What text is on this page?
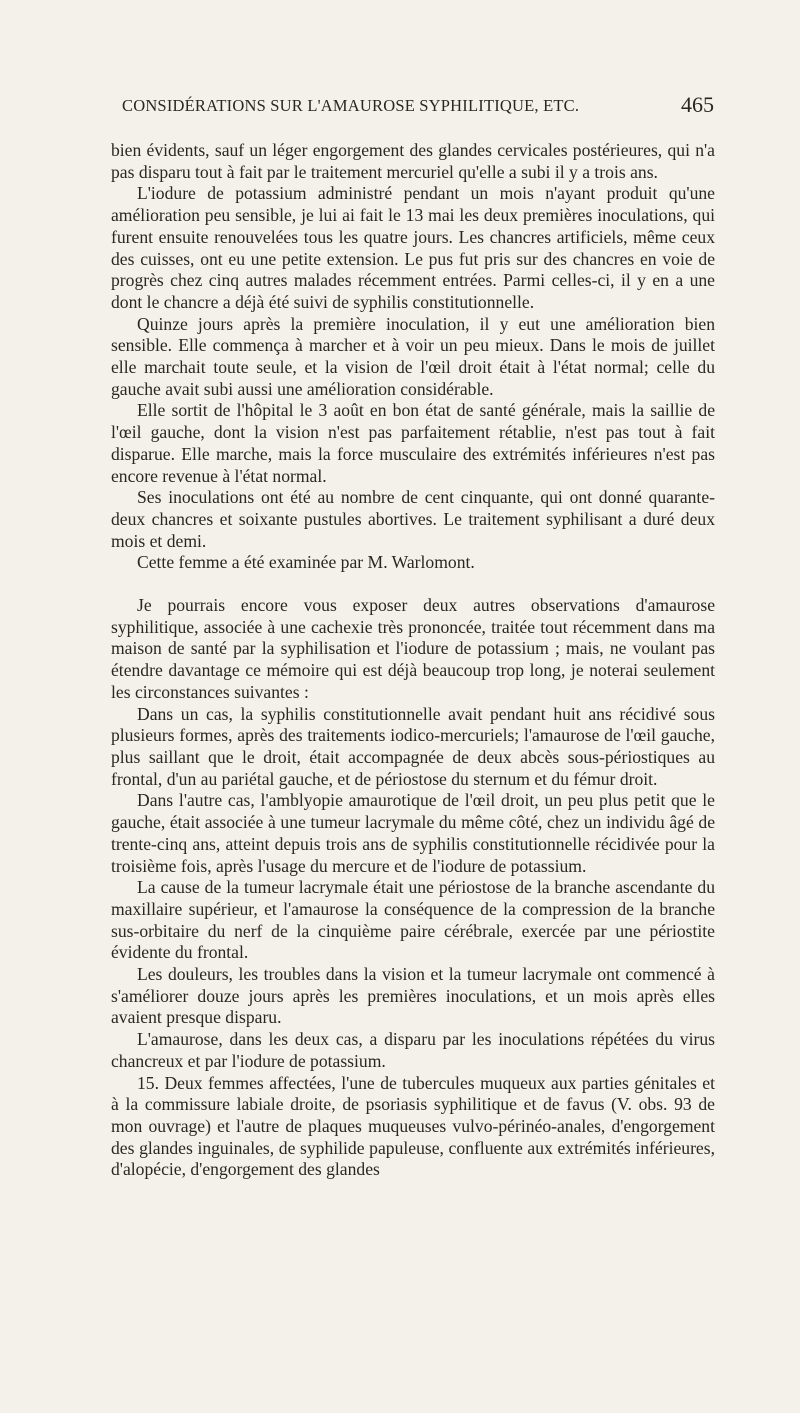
CONSIDÉRATIONS SUR L'AMAUROSE SYPHILITIQUE, ETC.	465

bien évidents, sauf un léger engorgement des glandes cervicales postérieures, qui n'a pas disparu tout à fait par le traitement mercuriel qu'elle a subi il y a trois ans.

L'iodure de potassium administré pendant un mois n'ayant produit qu'une amélioration peu sensible, je lui ai fait le 13 mai les deux premières inoculations, qui furent ensuite renouvelées tous les quatre jours. Les chancres artificiels, même ceux des cuisses, ont eu une petite extension. Le pus fut pris sur des chancres en voie de progrès chez cinq autres malades récemment entrées. Parmi celles-ci, il y en a une dont le chancre a déjà été suivi de syphilis constitutionnelle.

Quinze jours après la première inoculation, il y eut une amélioration bien sensible. Elle commença à marcher et à voir un peu mieux. Dans le mois de juillet elle marchait toute seule, et la vision de l'œil droit était à l'état normal; celle du gauche avait subi aussi une amélioration considérable.

Elle sortit de l'hôpital le 3 août en bon état de santé générale, mais la saillie de l'œil gauche, dont la vision n'est pas parfaitement rétablie, n'est pas tout à fait disparue. Elle marche, mais la force musculaire des extrémités inférieures n'est pas encore revenue à l'état normal.

Ses inoculations ont été au nombre de cent cinquante, qui ont donné quarante-deux chancres et soixante pustules abortives. Le traitement syphilisant a duré deux mois et demi.

Cette femme a été examinée par M. Warlomont.

Je pourrais encore vous exposer deux autres observations d'amaurose syphilitique, associée à une cachexie très prononcée, traitée tout récemment dans ma maison de santé par la syphilisation et l'iodure de potassium ; mais, ne voulant pas étendre davantage ce mémoire qui est déjà beaucoup trop long, je noterai seulement les circonstances suivantes :

Dans un cas, la syphilis constitutionnelle avait pendant huit ans récidivé sous plusieurs formes, après des traitements iodico-mercuriels; l'amaurose de l'œil gauche, plus saillant que le droit, était accompagnée de deux abcès sous-périostiques au frontal, d'un au pariétal gauche, et de périostose du sternum et du fémur droit.

Dans l'autre cas, l'amblyopie amaurotique de l'œil droit, un peu plus petit que le gauche, était associée à une tumeur lacrymale du même côté, chez un individu âgé de trente-cinq ans, atteint depuis trois ans de syphilis constitutionnelle récidivée pour la troisième fois, après l'usage du mercure et de l'iodure de potassium.

La cause de la tumeur lacrymale était une périostose de la branche ascendante du maxillaire supérieur, et l'amaurose la conséquence de la compression de la branche sus-orbitaire du nerf de la cinquième paire cérébrale, exercée par une périostite évidente du frontal.

Les douleurs, les troubles dans la vision et la tumeur lacrymale ont commencé à s'améliorer douze jours après les premières inoculations, et un mois après elles avaient presque disparu.

L'amaurose, dans les deux cas, a disparu par les inoculations répétées du virus chancreux et par l'iodure de potassium.

15. Deux femmes affectées, l'une de tubercules muqueux aux parties génitales et à la commissure labiale droite, de psoriasis syphilitique et de favus (V. obs. 93 de mon ouvrage) et l'autre de plaques muqueuses vulvo-périnéo-anales, d'engorgement des glandes inguinales, de syphilide papuleuse, confluente aux extrémités inférieures, d'alopécie, d'engorgement des glandes
